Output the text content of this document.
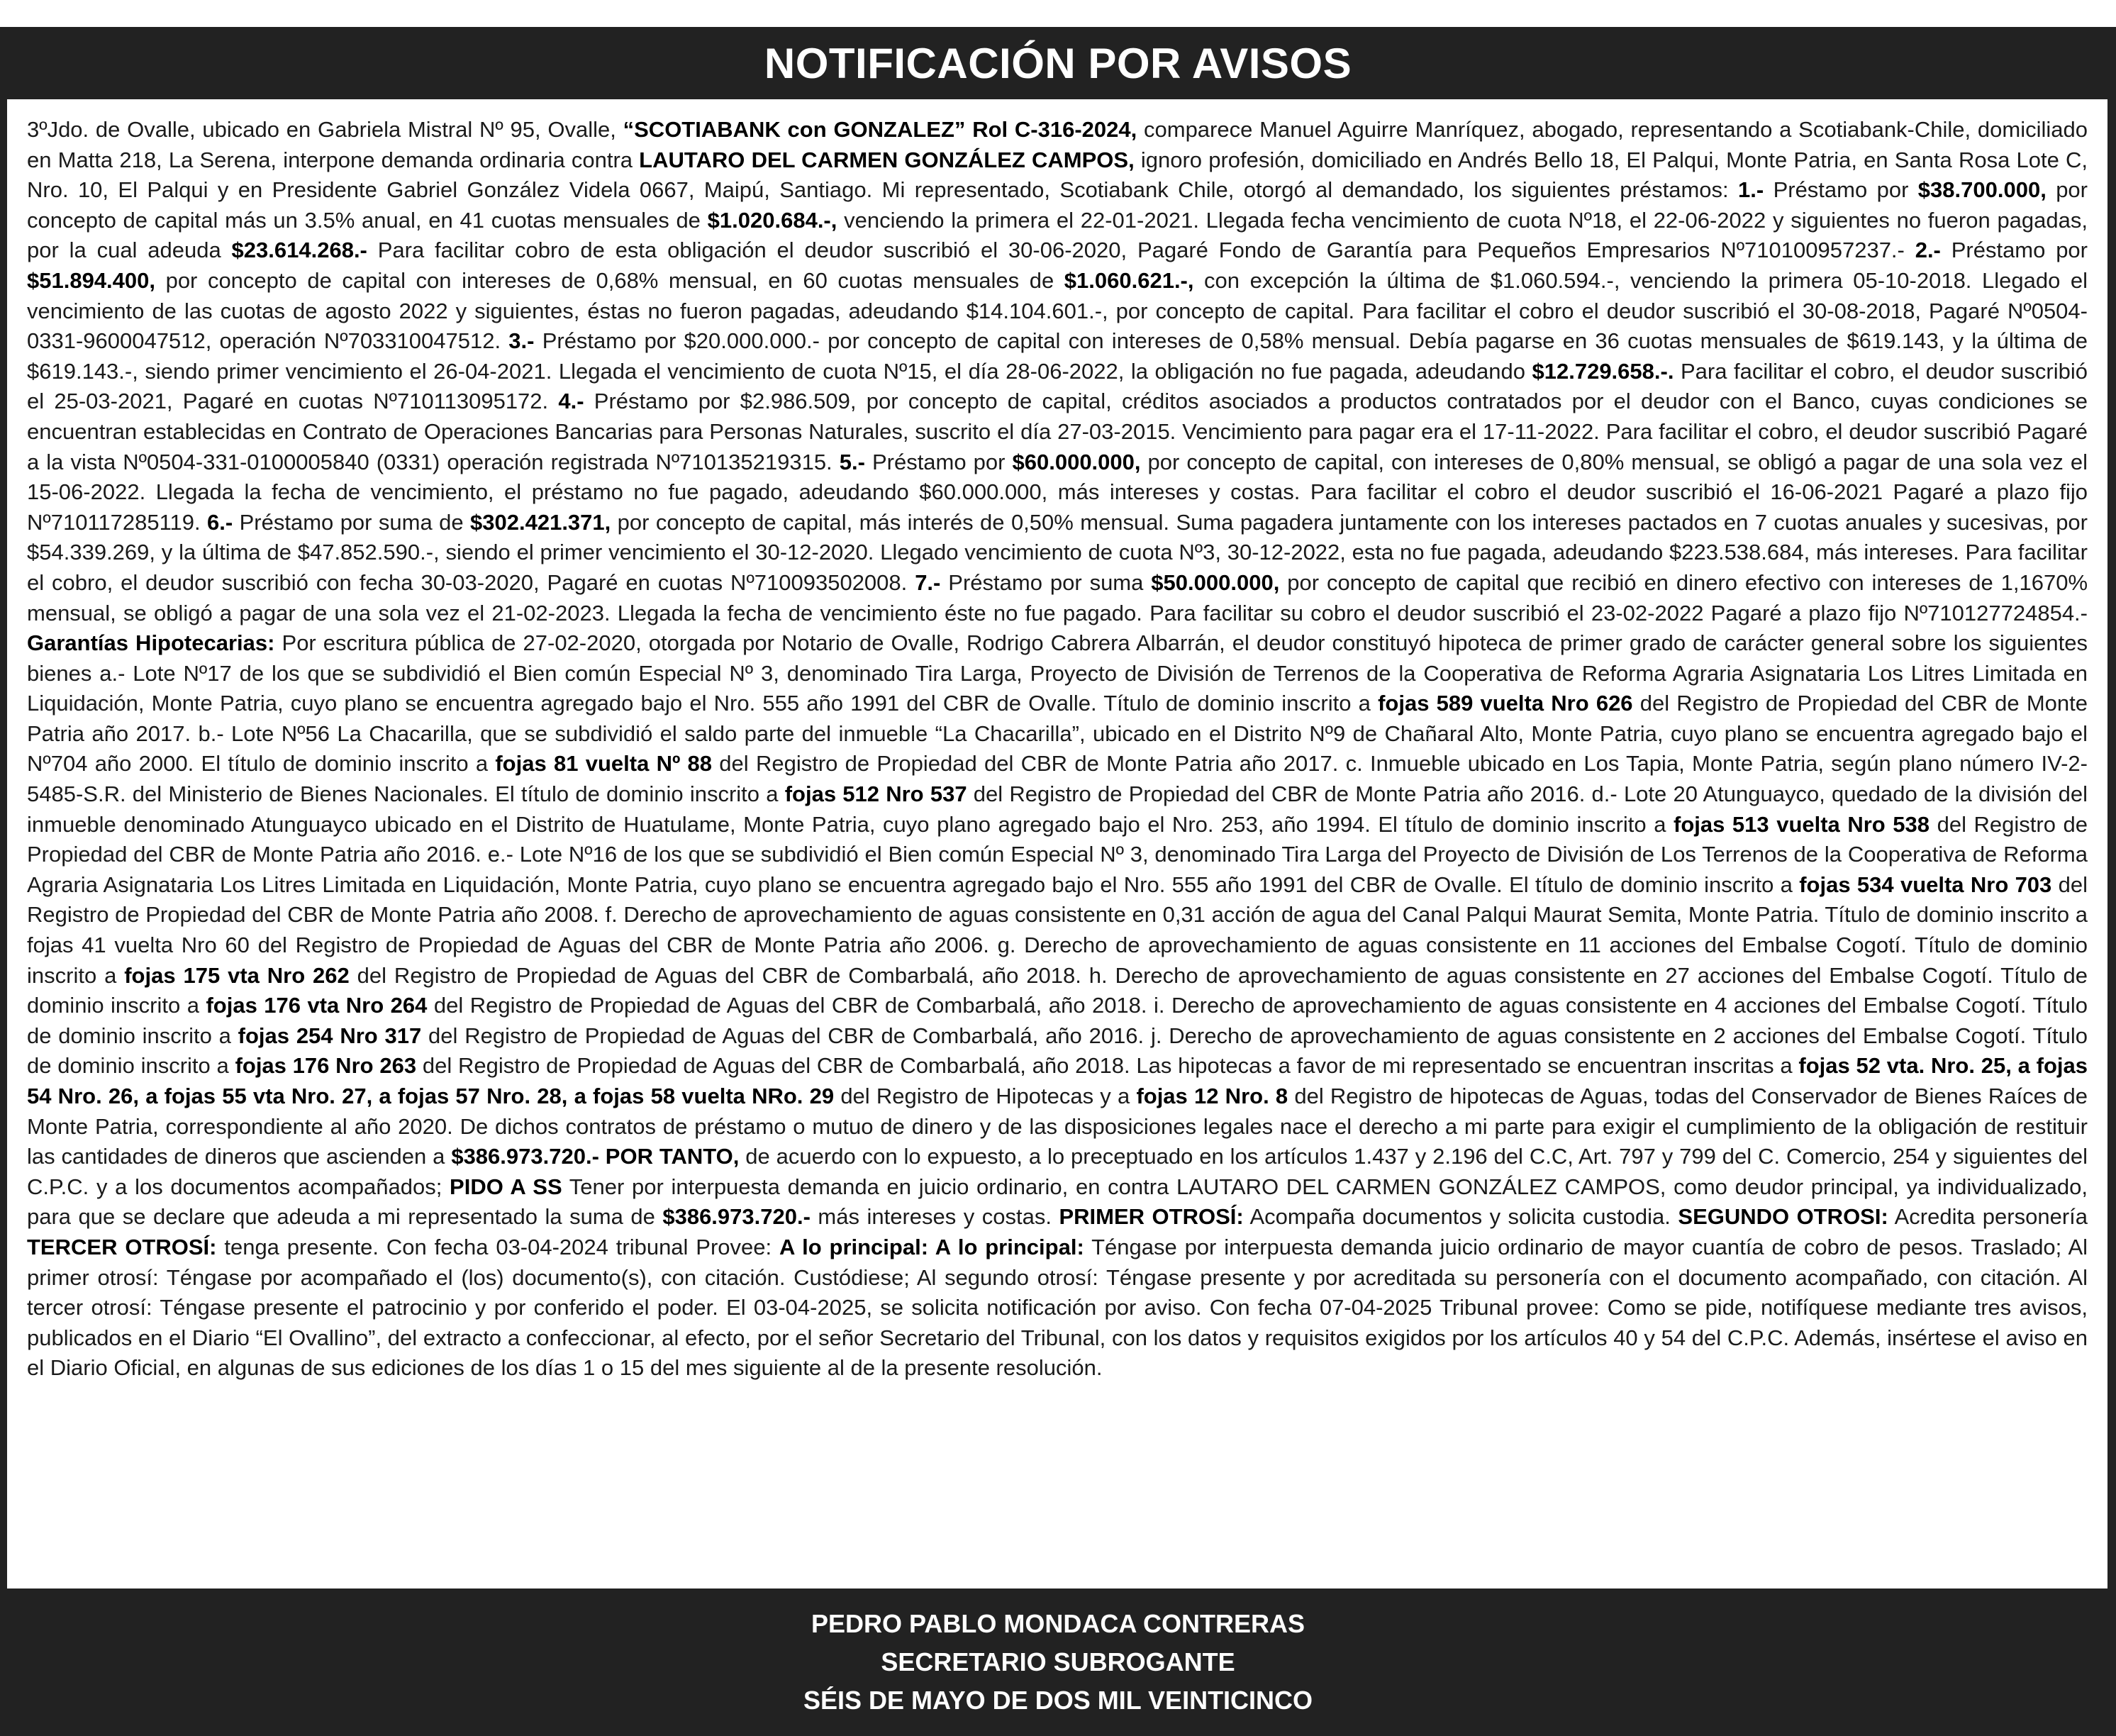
NOTIFICACIÓN POR AVISOS

3ºJdo. de Ovalle, ubicado en Gabriela Mistral Nº 95, Ovalle, “SCOTIABANK con GONZALEZ” Rol C-316-2024, comparece Manuel Aguirre Manríquez, abogado, representando a Scotiabank-Chile, domiciliado en Matta 218, La Serena, interpone demanda ordinaria contra LAUTARO DEL CARMEN GONZÁLEZ CAMPOS, ignoro profesión, domiciliado en Andrés Bello 18, El Palqui, Monte Patria, en Santa Rosa Lote C, Nro. 10, El Palqui y en Presidente Gabriel González Videla 0667, Maipú, Santiago. Mi representado, Scotiabank Chile, otorgó al demandado, los siguientes préstamos: 1.- Préstamo por $38.700.000, por concepto de capital más un 3.5% anual, en 41 cuotas mensuales de $1.020.684.-, venciendo la primera el 22-01-2021. Llegada fecha vencimiento de cuota Nº18, el 22-06-2022 y siguientes no fueron pagadas, por la cual adeuda $23.614.268.- Para facilitar cobro de esta obligación el deudor suscribió el 30-06-2020, Pagaré Fondo de Garantía para Pequeños Empresarios Nº710100957237.- 2.- Préstamo por $51.894.400, por concepto de capital con intereses de 0,68% mensual, en 60 cuotas mensuales de $1.060.621.-, con excepción la última de $1.060.594.-, venciendo la primera 05-10-2018. Llegado el vencimiento de las cuotas de agosto 2022 y siguientes, éstas no fueron pagadas, adeudando $14.104.601.-, por concepto de capital. Para facilitar el cobro el deudor suscribió el 30-08-2018, Pagaré Nº0504-0331-9600047512, operación Nº703310047512. 3.- Préstamo por $20.000.000.- por concepto de capital con intereses de 0,58% mensual. Debía pagarse en 36 cuotas mensuales de $619.143, y la última de $619.143.-, siendo primer vencimiento el 26-04-2021. Llegada el vencimiento de cuota Nº15, el día 28-06-2022, la obligación no fue pagada, adeudando $12.729.658.-. Para facilitar el cobro, el deudor suscribió el 25-03-2021, Pagaré en cuotas Nº710113095172. 4.- Préstamo por $2.986.509, por concepto de capital, créditos asociados a productos contratados por el deudor con el Banco, cuyas condiciones se encuentran establecidas en Contrato de Operaciones Bancarias para Personas Naturales, suscrito el día 27-03-2015. Vencimiento para pagar era el 17-11-2022. Para facilitar el cobro, el deudor suscribió Pagaré a la vista Nº0504-331-0100005840 (0331) operación registrada Nº710135219315. 5.- Préstamo por $60.000.000, por concepto de capital, con intereses de 0,80% mensual, se obligó a pagar de una sola vez el 15-06-2022. Llegada la fecha de vencimiento, el préstamo no fue pagado, adeudando $60.000.000, más intereses y costas. Para facilitar el cobro el deudor suscribió el 16-06-2021 Pagaré a plazo fijo Nº710117285119. 6.- Préstamo por suma de $302.421.371, por concepto de capital, más interés de 0,50% mensual. Suma pagadera juntamente con los intereses pactados en 7 cuotas anuales y sucesivas, por $54.339.269, y la última de $47.852.590.-, siendo el primer vencimiento el 30-12-2020. Llegado vencimiento de cuota Nº3, 30-12-2022, esta no fue pagada, adeudando $223.538.684, más intereses. Para facilitar el cobro, el deudor suscribió con fecha 30-03-2020, Pagaré en cuotas Nº710093502008. 7.- Préstamo por suma $50.000.000, por concepto de capital que recibió en dinero efectivo con intereses de 1,1670% mensual, se obligó a pagar de una sola vez el 21-02-2023. Llegada la fecha de vencimiento éste no fue pagado. Para facilitar su cobro el deudor suscribió el 23-02-2022 Pagaré a plazo fijo Nº710127724854.-Garantías Hipotecarias: Por escritura pública de 27-02-2020, otorgada por Notario de Ovalle, Rodrigo Cabrera Albarrán, el deudor constituyó hipoteca de primer grado de carácter general sobre los siguientes bienes a.- Lote Nº17 de los que se subdividió el Bien común Especial Nº 3, denominado Tira Larga, Proyecto de División de Terrenos de la Cooperativa de Reforma Agraria Asignataria Los Litres Limitada en Liquidación, Monte Patria, cuyo plano se encuentra agregado bajo el Nro. 555 año 1991 del CBR de Ovalle. Título de dominio inscrito a fojas 589 vuelta Nro 626 del Registro de Propiedad del CBR de Monte Patria año 2017. b.- Lote Nº56 La Chacarilla, que se subdividió el saldo parte del inmueble “La Chacarilla”, ubicado en el Distrito Nº9 de Chañaral Alto, Monte Patria, cuyo plano se encuentra agregado bajo el Nº704 año 2000. El título de dominio inscrito a fojas 81 vuelta Nº 88 del Registro de Propiedad del CBR de Monte Patria año 2017. c. Inmueble ubicado en Los Tapia, Monte Patria, según plano número IV-2-5485-S.R. del Ministerio de Bienes Nacionales. El título de dominio inscrito a fojas 512 Nro 537 del Registro de Propiedad del CBR de Monte Patria año 2016. d.- Lote 20 Atunguayco, quedado de la división del inmueble denominado Atunguayco ubicado en el Distrito de Huatulame, Monte Patria, cuyo plano agregado bajo el Nro. 253, año 1994. El título de dominio inscrito a fojas 513 vuelta Nro 538 del Registro de Propiedad del CBR de Monte Patria año 2016. e.- Lote Nº16 de los que se subdividió el Bien común Especial Nº 3, denominado Tira Larga del Proyecto de División de Los Terrenos de la Cooperativa de Reforma Agraria Asignataria Los Litres Limitada en Liquidación, Monte Patria, cuyo plano se encuentra agregado bajo el Nro. 555 año 1991 del CBR de Ovalle. El título de dominio inscrito a fojas 534 vuelta Nro 703 del Registro de Propiedad del CBR de Monte Patria año 2008. f. Derecho de aprovechamiento de aguas consistente en 0,31 acción de agua del Canal Palqui Maurat Semita, Monte Patria. Título de dominio inscrito a fojas 41 vuelta Nro 60 del Registro de Propiedad de Aguas del CBR de Monte Patria año 2006. g. Derecho de aprovechamiento de aguas consistente en 11 acciones del Embalse Cogotí. Título de dominio inscrito a fojas 175 vta Nro 262 del Registro de Propiedad de Aguas del CBR de Combarbalá, año 2018. h. Derecho de aprovechamiento de aguas consistente en 27 acciones del Embalse Cogotí. Título de dominio inscrito a fojas 176 vta Nro 264 del Registro de Propiedad de Aguas del CBR de Combarbalá, año 2018. i. Derecho de aprovechamiento de aguas consistente en 4 acciones del Embalse Cogotí. Título de dominio inscrito a fojas 254 Nro 317 del Registro de Propiedad de Aguas del CBR de Combarbalá, año 2016. j. Derecho de aprovechamiento de aguas consistente en 2 acciones del Embalse Cogotí. Título de dominio inscrito a fojas 176 Nro 263 del Registro de Propiedad de Aguas del CBR de Combarbalá, año 2018. Las hipotecas a favor de mi representado se encuentran inscritas a fojas 52 vta. Nro. 25, a fojas 54 Nro. 26, a fojas 55 vta Nro. 27, a fojas 57 Nro. 28, a fojas 58 vuelta NRo. 29 del Registro de Hipotecas y a fojas 12 Nro. 8 del Registro de hipotecas de Aguas, todas del Conservador de Bienes Raíces de Monte Patria, correspondiente al año 2020. De dichos contratos de préstamo o mutuo de dinero y de las disposiciones legales nace el derecho a mi parte para exigir el cumplimiento de la obligación de restituir las cantidades de dineros que ascienden a $386.973.720.- POR TANTO, de acuerdo con lo expuesto, a lo preceptuado en los artículos 1.437 y 2.196 del C.C, Art. 797 y 799 del C. Comercio, 254 y siguientes del C.P.C. y a los documentos acompañados; PIDO A SS Tener por interpuesta demanda en juicio ordinario, en contra LAUTARO DEL CARMEN GONZÁLEZ CAMPOS, como deudor principal, ya individualizado, para que se declare que adeuda a mi representado la suma de $386.973.720.- más intereses y costas. PRIMER OTROSÍ: Acompaña documentos y solicita custodia. SEGUNDO OTROSI: Acredita personería TERCER OTROSÍ: tenga presente. Con fecha 03-04-2024 tribunal Provee: A lo principal: A lo principal: Téngase por interpuesta demanda juicio ordinario de mayor cuantía de cobro de pesos. Traslado; Al primer otrosí: Téngase por acompañado el (los) documento(s), con citación. Custódiese; Al segundo otrosí: Téngase presente y por acreditada su personería con el documento acompañado, con citación. Al tercer otrosí: Téngase presente el patrocinio y por conferido el poder. El 03-04-2025, se solicita notificación por aviso. Con fecha 07-04-2025 Tribunal provee: Como se pide, notifíquese mediante tres avisos, publicados en el Diario “El Ovallino”, del extracto a confeccionar, al efecto, por el señor Secretario del Tribunal, con los datos y requisitos exigidos por los artículos 40 y 54 del C.P.C. Además, insértese el aviso en el Diario Oficial, en algunas de sus ediciones de los días 1 o 15 del mes siguiente al de la presente resolución.

PEDRO PABLO MONDACA CONTRERAS
SECRETARIO SUBROGANTE
SÉIS DE MAYO DE DOS MIL VEINTICINCO
